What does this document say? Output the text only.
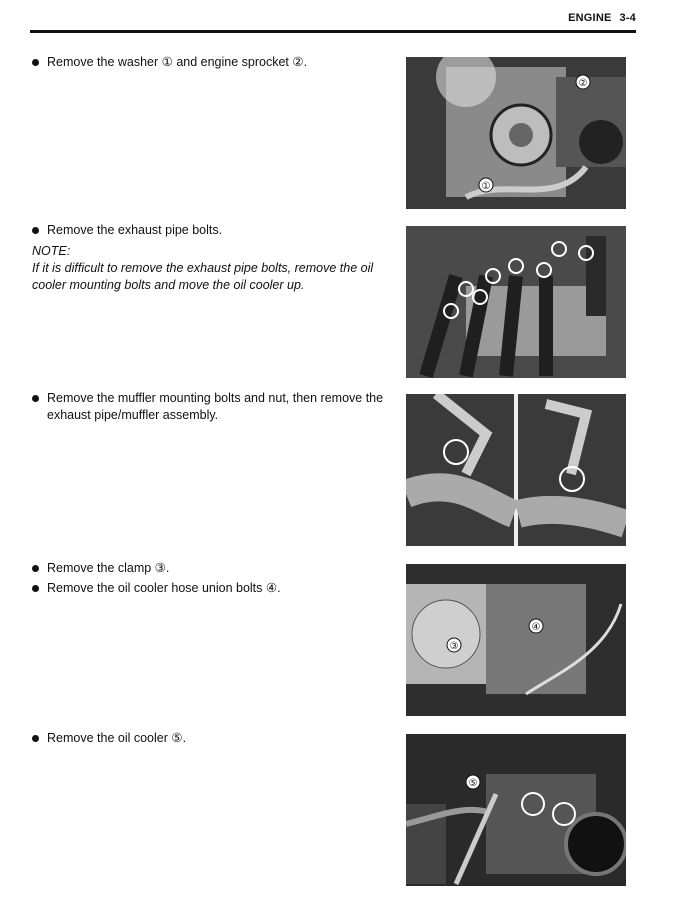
ENGINE 3-4
Remove the washer ① and engine sprocket ②.
②
①
Remove the exhaust pipe bolts.
NOTE:
If it is difficult to remove the exhaust pipe bolts, remove the oil cooler mounting bolts and move the oil cooler up.
Remove the muffler mounting bolts and nut, then remove the exhaust pipe/muffler assembly.
Remove the clamp ③.
Remove the oil cooler hose union bolts ④.
③
④
Remove the oil cooler ⑤.
⑤
